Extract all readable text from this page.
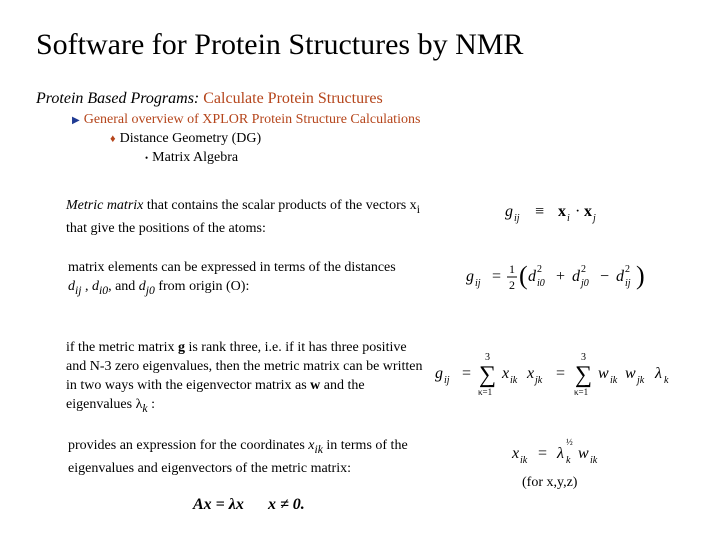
Software for Protein Structures by NMR
Protein Based Programs: Calculate Protein Structures
▶ General overview of XPLOR Protein Structure Calculations
♦ Distance Geometry (DG)
• Matrix Algebra
Metric matrix that contains the scalar products of the vectors $x_i$ that give the positions of the atoms:
matrix elements can be expressed in terms of the distances $d_{ij}$ , $d_{i0}$, and $d_{j0}$ from origin (O):
if the metric matrix g is rank three, i.e. if it has three positive and N-3 zero eigenvalues, then the metric matrix can be written in two ways with the eigenvector matrix as w and the eigenvalues $\lambda_k$ :
provides an expression for the coordinates $x_{ik}$ in terms of the eigenvalues and eigenvectors of the metric matrix:
g ij ≡ x i · x j
g ij = 1
2 ( d i0
2 + d j0
2 − d ij
2 )
g ij =
3
∑
κ=1
x ik x jk =
3
∑
κ=1
w ik w jk λ k
x ik = λ
½
k w ik
Ax = λx x ≠ 0.
(for x,y,z)
